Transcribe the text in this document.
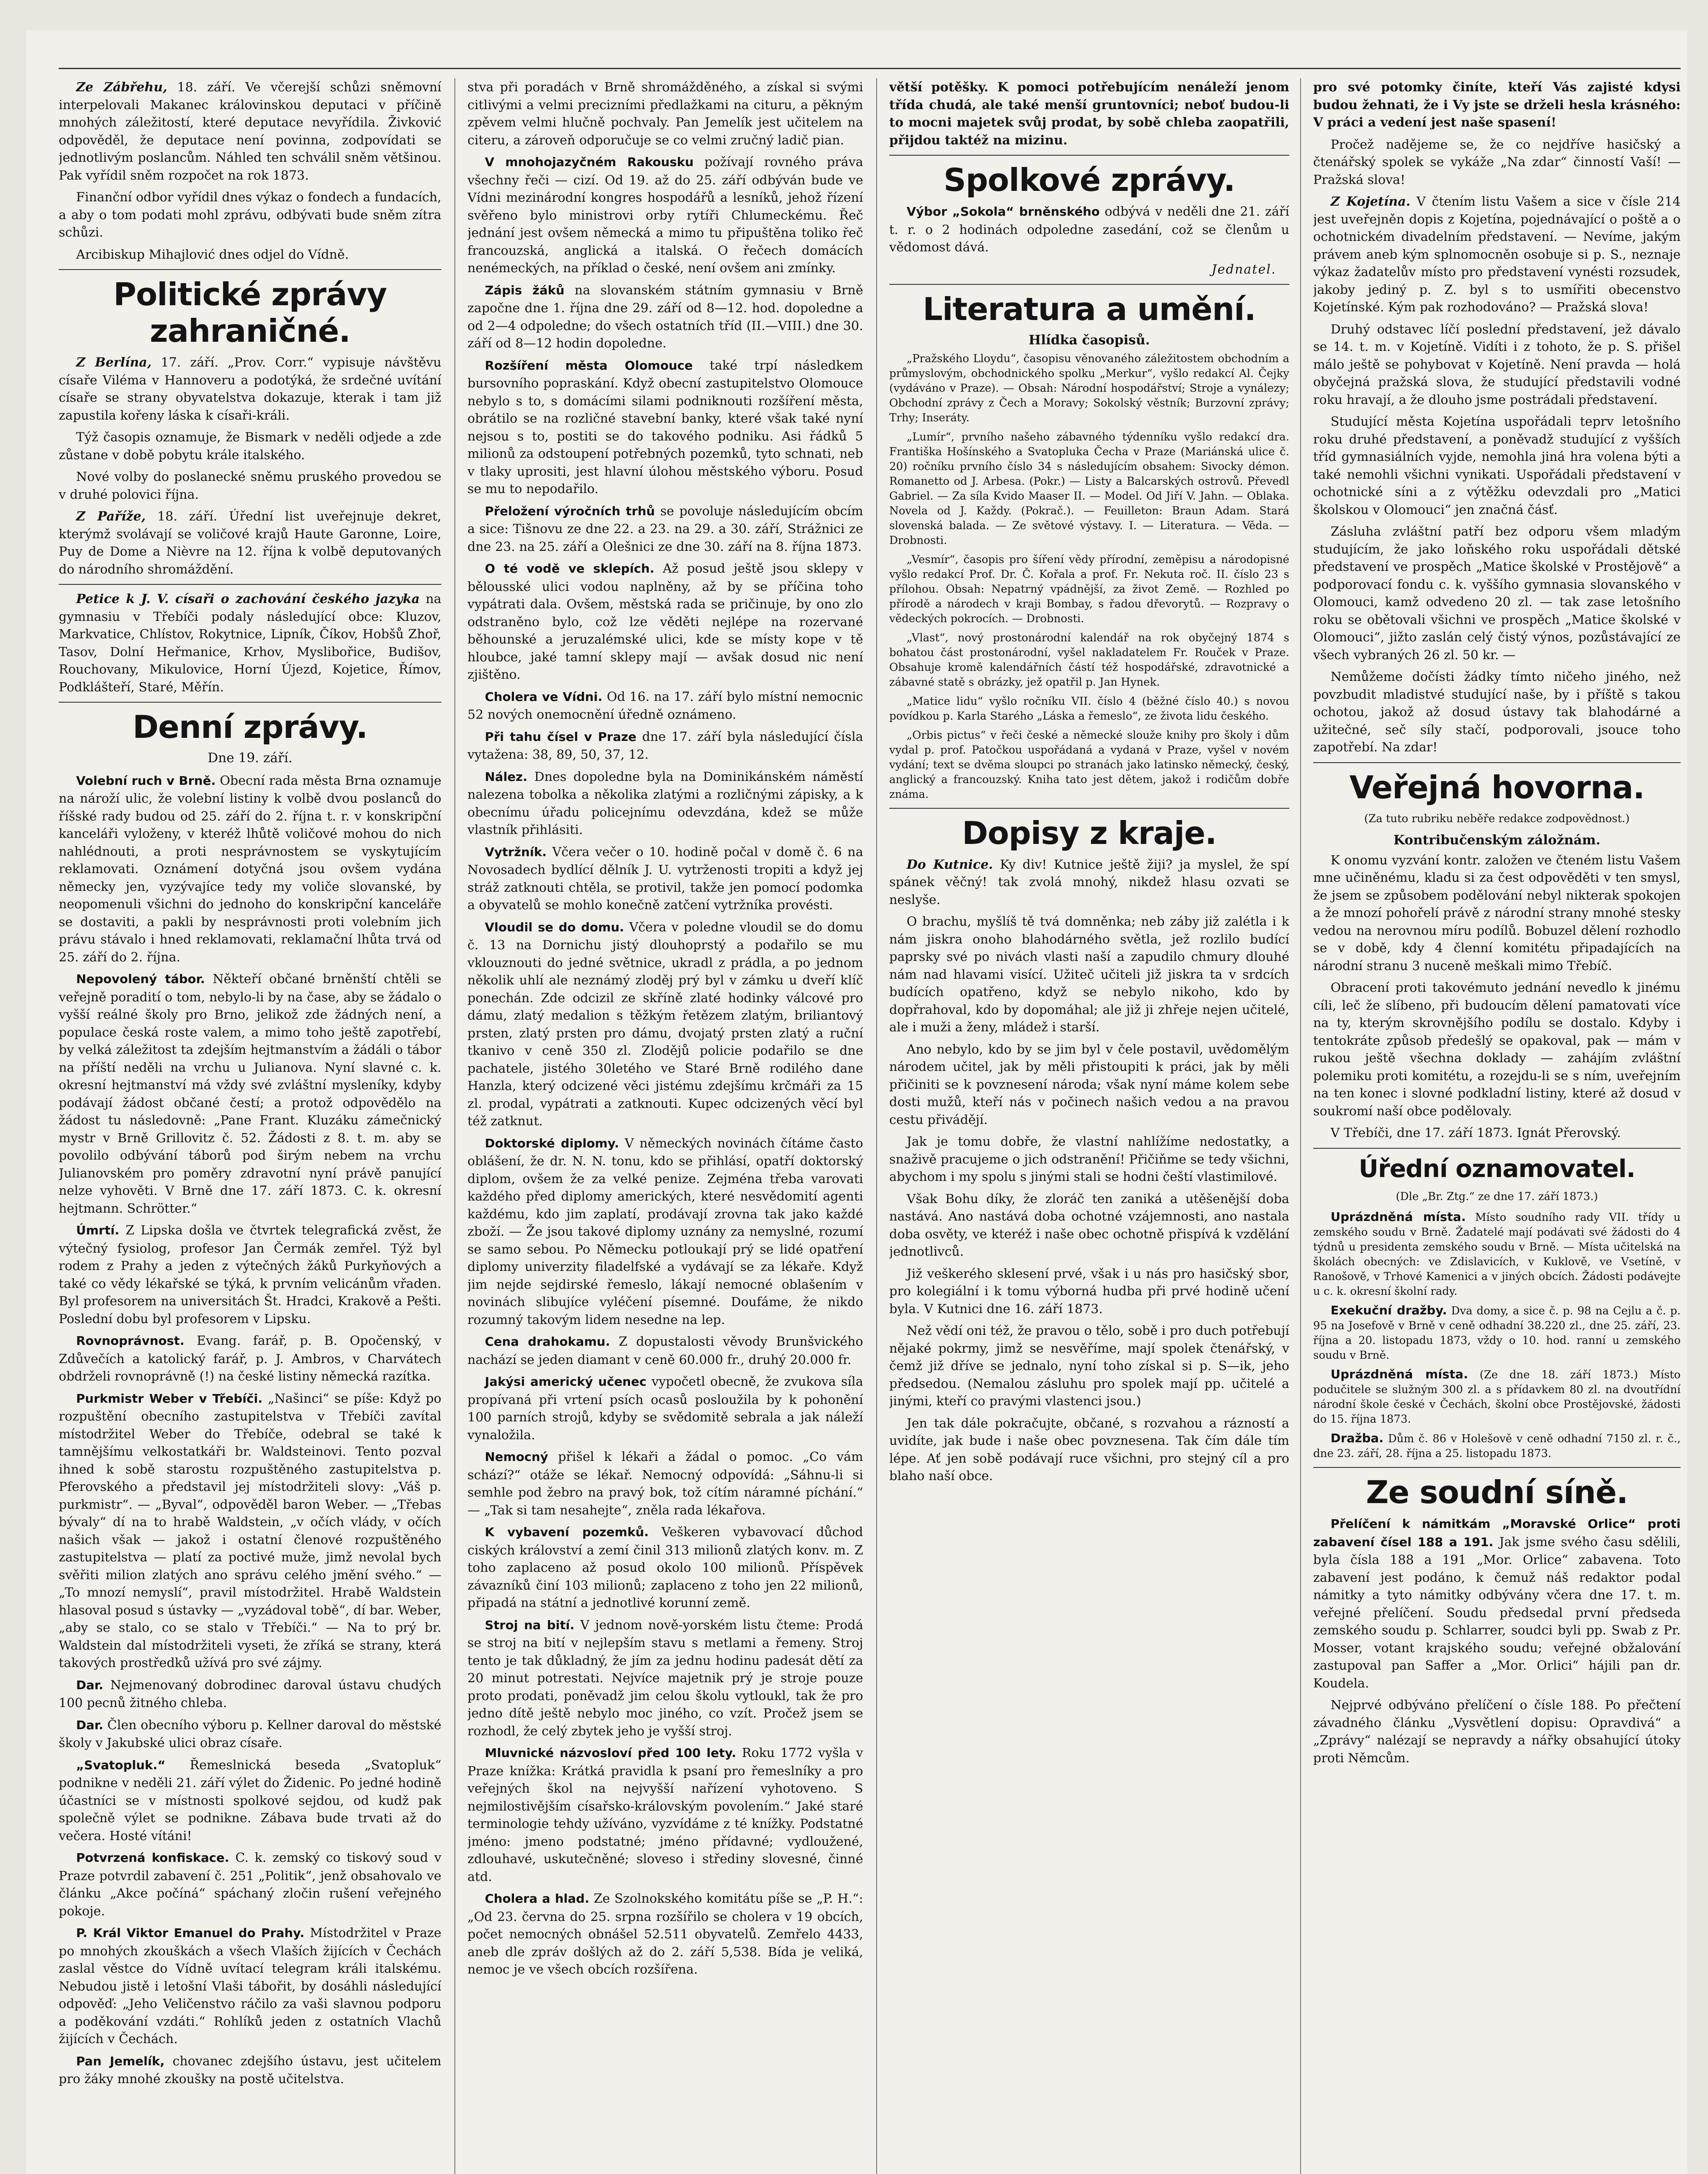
Ze Zábřehu, 18. září. Ve včerejší schůzi sněmovní interpelovali Makanec královinskou deputaci v příčině mnohých záležitostí, které deputace nevyřídila. Živković odpověděl, že deputace není povinna, zodpovídati se jednotlivým poslancům. Náhled ten schválil sněm většinou. Pak vyřídil sněm rozpočet na rok 1873.

Finanční odbor vyřídil dnes výkaz o fondech a fundacích, a aby o tom podati mohl zprávu, odbývati bude sněm zítra schůzi.

Arcibiskup Mihajlović dnes odjel do Vídně.

Politické zprávy zahraničné.

Z Berlína, 17. září. „Prov. Corr.“ vypisuje návštěvu císaře Viléma v Hannoveru a podotýká, že srdečné uvítání císaře se strany obyvatelstva dokazuje, kterak i tam již zapustila kořeny láska k císaři-králi.

Týž časopis oznamuje, že Bismark v neděli odjede a zde zůstane v době pobytu krále italského.

Nové volby do poslanecké sněmu pruského provedou se v druhé polovici října.

Z Paříže, 18. září. Úřední list uveřejnuje dekret, kterýmž svolávají se voličové krajů Haute Garonne, Loire, Puy de Dome a Nièvre na 12. října k volbě deputovaných do národního shromáždění.

Petice k J. V. císaři o zachování českého jazyka na gymnasiu v Třebíči podaly následující obce: Kluzov, Markvatice, Chlístov, Rokytnice, Lipník, Číkov, Hobšů Zhoř, Tasov, Dolní Heřmanice, Krhov, Myslibořice, Budišov, Rouchovany, Mikulovice, Horní Újezd, Kojetice, Římov, Podklášteří, Staré, Měřín.

Denní zprávy.
Dne 19. září.

Volební ruch v Brně. Obecní rada města Brna oznamuje na nároží ulic, že volební listiny k volbě dvou poslanců do říšské rady budou od 25. září do 2. října t. r. v konskripční kanceláři vyloženy, v kteréž lhůtě voličové mohou do nich nahlédnouti, a proti nesprávnostem se vyskytujícím reklamovati. Oznámení dotyčná jsou ovšem vydána německy jen, vyzývajíce tedy my voliče slovanské, by neopomenuli všichni do jednoho do konskripční kanceláře se dostaviti, a pakli by nesprávnosti proti volebním jich právu stávalo i hned reklamovati, reklamační lhůta trvá od 25. září do 2. října.

Nepovolený tábor. Někteří občané brněnští chtěli se veřejně poradití o tom, nebylo-li by na čase, aby se žádalo o vyšší reálné školy pro Brno, jelikož zde žádných není, a populace česká roste valem, a mimo toho ještě zapotřebí, by velká záležitost ta zdejším hejtmanstvím a žádáli o tábor na příští neděli na vrchu u Julianova. Nyní slavné c. k. okresní hejtmanství má vždy své zvláštní mysleníky, kdyby podávají žádost občané čestí; a protož odpovědělo na žádost tu následovně: „Pane Frant. Kluzáku zámečnický mystr v Brně Grillovitz č. 52. Žádosti z 8. t. m. aby se povolilo odbývání táborů pod širým nebem na vrchu Julianovském pro poměry zdravotní nyní právě panující nelze vyhověti. V Brně dne 17. září 1873. C. k. okresní hejtmann. Schrötter.“

Úmrtí. Z Lipska došla ve čtvrtek telegrafická zvěst, že výtečný fysiolog, profesor Jan Čermák zemřel. Týž byl rodem z Prahy a jeden z výtečných žáků Purkyňových a také co vědy lékařské se týká, k prvním velicánům vřaden. Byl profesorem na universitách Št. Hradci, Krakově a Pešti. Poslední dobu byl profesorem v Lipsku.

Rovnoprávnost. Evang. farář, p. B. Opočenský, v Zdůvečích a katolický farář, p. J. Ambros, v Charvátech obdrželi rovnoprávně (!) na české listiny německá razítka.

Purkmistr Weber v Třebíči. „Našinci“ se píše: Když po rozpuštění obecního zastupitelstva v Třebíči zavítal místodržitel Weber do Třebíče, odebral se také k tamnějšímu velkostatkáři br. Waldsteinovi. Tento pozval ihned k sobě starostu rozpuštěného zastupitelstva p. Pferovského a představil jej místodržiteli slovy: „Váš p. purkmistr“. — „Byval“, odpověděl baron Weber. — „Třebas bývaly“ dí na to hrabě Waldstein, „v očích vlády, v očích našich však — jakož i ostatní členové rozpuštěného zastupitelstva — platí za poctivé muže, jimž nevolal bych svěřiti milion zlatých ano správu celého jmění svého.“ — „To mnozí nemyslí“, pravil místodržitel. Hrabě Waldstein hlasoval posud s ústavky — „vyzádoval tobě“, dí bar. Weber, „aby se stalo, co se stalo v Třebíči.“ — Na to prý br. Waldstein dal místodržiteli vyseti, že zříká se strany, která takových prostředků užívá pro své zájmy.

Dar. Nejmenovaný dobrodinec daroval ústavu chudých 100 pecnů žitného chleba.

Dar. Člen obecního výboru p. Kellner daroval do městské školy v Jakubské ulici obraz císaře.

„Svatopluk.“ Řemeslnická beseda „Svatopluk“ podnikne v neděli 21. září výlet do Židenic. Po jedné hodině účastníci se v místnosti spolkové sejdou, od kudž pak společně výlet se podnikne. Zábava bude trvati až do večera. Hosté vítáni!

Potvrzená konfiskace. C. k. zemský co tiskový soud v Praze potvrdil zabavení č. 251 „Politik“, jenž obsahovalo ve článku „Akce počíná“ spáchaný zločin rušení veřejného pokoje.

P. Král Viktor Emanuel do Prahy. Místodržitel v Praze po mnohých zkouškách a všech Vlaších žijících v Čechách zaslal věstce do Vídně uvítací telegram králi italskému. Nebudou jistě i letošní Vlaši tábořit, by dosáhli následující odpověď: „Jeho Veličenstvo ráčilo za vaši slavnou podporu a poděkování vzdáti.“ Rohlíků jeden z ostatních Vlachů žijících v Čechách.

Pan Jemelík, chovanec zdejšího ústavu, jest učitelem pro žáky mnohé zkoušky na postě učitelstva.

stva při poradách v Brně shromážděného, a získal si svými citlivými a velmi precizními předlažkami na cituru, a pěkným zpěvem velmi hlučně pochvaly. Pan Jemelík jest učitelem na citeru, a zároveň odporučuje se co velmi zručný ladič pian.

V mnohojazyčném Rakousku požívají rovného práva všechny řeči — cizí. Od 19. až do 25. září odbýván bude ve Vídni mezinárodní kongres hospodářů a lesníků, jehož řízení svěřeno bylo ministrovi orby rytíři Chlumeckému. Řeč jednání jest ovšem německá a mimo tu připuštěna toliko řeč francouzská, anglická a italská. O řečech domácích nenémeckých, na příklad o české, není ovšem ani zmínky.

Zápis žáků na slovanském státním gymnasiu v Brně započne dne 1. října dne 29. září od 8—12. hod. dopoledne a od 2—4 odpoledne; do všech ostatních tříd (II.—VIII.) dne 30. září od 8—12 hodin dopoledne.

Rozšíření města Olomouce také trpí následkem bursovního popraskání. Když obecní zastupitelstvo Olomouce nebylo s to, s domácími silami podniknouti rozšíření města, obrátilo se na rozličné stavební banky, které však také nyní nejsou s to, postiti se do takového podniku. Asi řádků 5 milionů za odstoupení potřebných pozemků, tyto schnati, neb v tlaky uprositi, jest hlavní úlohou městského výboru. Posud se mu to nepodařilo.

Přeložení výročních trhů se povoluje následujícím obcím a sice: Tišnovu ze dne 22. a 23. na 29. a 30. září, Strážnici ze dne 23. na 25. září a Olešnici ze dne 30. září na 8. října 1873.

O té vodě ve sklepích. Až posud ještě jsou sklepy v bělousské ulici vodou naplněny, až by se příčina toho vypátrati dala. Ovšem, městská rada se pričinuje, by ono zlo odstraněno bylo, což lze věděti nejlépe na rozervané běhounské a jeruzalémské ulici, kde se místy kope v tě hloubce, jaké tamní sklepy mají — avšak dosud nic není zjištěno.

Cholera ve Vídni. Od 16. na 17. září bylo místní nemocnic 52 nových onemocnění úředně oznámeno.

Při tahu čísel v Praze dne 17. září byla následující čísla vytažena: 38, 89, 50, 37, 12.

Nález. Dnes dopoledne byla na Dominikánském náměstí nalezena tobolka a několika zlatými a rozličnými zápisky, a k obecnímu úřadu policejnímu odevzdána, kdež se může vlastník přihlásiti.

Vytržník. Včera večer o 10. hodině počal v domě č. 6 na Novosadech bydlící dělník J. U. vytrženosti tropiti a když jej stráž zatknouti chtěla, se protivil, takže jen pomocí podomka a obyvatelů se mohlo konečně zatčení vytržníka provésti.

Vloudil se do domu. Včera v poledne vloudil se do domu č. 13 na Dornichu jistý dlouhoprstý a podařilo se mu vklouznouti do jedné světnice, ukradl z prádla, a po jednom několik uhlí ale neznámý zloděj prý byl v zámku u dveří klíč ponechán. Zde odcizil ze skříně zlaté hodinky válcové pro dámu, zlatý medalion s těžkým řetězem zlatým, briliantový prsten, zlatý prsten pro dámu, dvojatý prsten zlatý a ruční tkanivo v ceně 350 zl. Zlodějů policie podařilo se dne pachatele, jistého 30letého ve Staré Brně rodilého dane Hanzla, který odcizené věci jistému zdejšímu krčmáři za 15 zl. prodal, vypátrati a zatknouti. Kupec odcizených věcí byl též zatknut.

Doktorské diplomy. V německých novinách čítáme často oblášení, že dr. N. N. tonu, kdo se přihlásí, opatří doktorský diplom, ovšem že za velké penize. Zejména třeba varovati každého před diplomy amerických, které nesvědomití agenti každému, kdo jim zaplatí, prodávají zrovna tak jako každé zboží. — Že jsou takové diplomy uznány za nemyslné, rozumí se samo sebou. Po Německu potloukají prý se lidé opatření diplomy univerzity filadelfské a vydávají se za lékaře. Když jim nejde sejdirské řemeslo, lákají nemocné oblašením v novinách slibujíce vyléčení písemné. Doufáme, že nikdo rozumný takovým lidem nesedne na lep.

Cena drahokamu. Z dopustalosti věvody Brunšvického nachází se jeden diamant v ceně 60.000 fr., druhý 20.000 fr.

Jakýsi americký učenec vypočetl obecně, že zvukova síla propívaná při vrtení psích ocasů posloužila by k pohonění 100 parních strojů, kdyby se svědomitě sebrala a jak náleží vynaložila.

Nemocný přišel k lékaři a žádal o pomoc. „Co vám schází?“ otáže se lékař. Nemocný odpovídá: „Sáhnu-li si semhle pod žebro na pravý bok, tož cítím náramné píchání.“ — „Tak si tam nesahejte“, zněla rada lékařova.

K vybavení pozemků. Veškeren vybavovací důchod ciských království a zemí činil 313 milionů zlatých konv. m. Z toho zaplaceno až posud okolo 100 milionů. Příspěvek závazníků činí 103 milionů; zaplaceno z toho jen 22 milionů, připadá na státní a jednotlivé korunní země.

Stroj na bití. V jednom nově-yorském listu čteme: Prodá se stroj na bití v nejlepším stavu s metlami a řemeny. Stroj tento je tak důkladný, že jím za jednu hodinu padesát dětí za 20 minut potrestati. Nejvíce majetnik prý je stroje pouze proto prodati, poněvadž jim celou školu vytloukl, tak že pro jedno dítě ještě nebylo moc jiného, co vzít. Pročež jsem se rozhodl, že celý zbytek jeho je vyšší stroj.

Mluvnické názvosloví před 100 lety. Roku 1772 vyšla v Praze knížka: Krátká pravidla k psaní pro řemeslníky a pro veřejných škol na nejvyšší nařízení vyhotoveno. S nejmilostivějším císařsko-královským povolením.“ Jaké staré terminologie tehdy užíváno, vyzvídáme z té knížky. Podstatné jméno: jmeno podstatné; jméno přídavné; vydloužené, zdlouhavé, uskutečněné; sloveso i střediny slovesné, činné atd.

Cholera a hlad. Ze Szolnokského komitátu píše se „P. H.“: „Od 23. června do 25. srpna rozšířilo se cholera v 19 obcích, počet nemocných obnášel 52.511 obyvatelů. Zemřelo 4433, aneb dle zpráv došlých až do 2. září 5,538. Bída je veliká, nemoc je ve všech obcích rozšířena.

větší potěšky. K pomoci potřebujícím nenáleží jenom třída chudá, ale také menší gruntovníci; neboť budou-li to mocni majetek svůj prodat, by sobě chleba zaopatřili, přijdou taktéž na mizinu.

Spolkové zprávy.

Výbor „Sokola“ brněnského odbývá v neděli dne 21. září t. r. o 2 hodinách odpoledne zasedání, což se členům u vědomost dává.

Jednatel.
Literatura a umění.
Hlídka časopisů.

„Pražského Lloydu“, časopisu věnovaného záležitostem obchodním a průmyslovým, obchodnického spolku „Merkur“, vyšlo redakcí Al. Čejky (vydáváno v Praze). — Obsah: Národní hospodářství; Stroje a vynálezy; Obchodní zprávy z Čech a Moravy; Sokolský věstník; Burzovní zprávy; Trhy; Inseráty.

„Lumír“, prvního našeho zábavného týdenníku vyšlo redakcí dra. Františka Hošínského a Svatopluka Čecha v Praze (Mariánská ulice č. 20) ročníku prvního číslo 34 s následujícím obsahem: Sivocky démon. Romanetto od J. Arbesa. (Pokr.) — Listy a Balcarských ostrovů. Převedl Gabriel. — Za síla Kvido Maaser II. — Model. Od Jiří V. Jahn. — Oblaka. Novela od J. Každy. (Pokrač.). — Feuilleton: Braun Adam. Stará slovenská balada. — Ze světové výstavy. I. — Literatura. — Věda. — Drobnosti.

„Vesmír“, časopis pro šíření vědy přírodní, zeměpisu a národopisné vyšlo redakcí Prof. Dr. Č. Kořala a prof. Fr. Nekuta roč. II. číslo 23 s přílohou. Obsah: Nepatrný vpádnější, za život Země. — Rozhled po přírodě a národech v kraji Bombay, s řadou dřevorytů. — Rozpravy o vědeckých pokrocích. — Drobnosti.

„Vlast“, nový prostonárodní kalendář na rok obyčejný 1874 s bohatou část prostonárodní, vyšel nakladatelem Fr. Rouček v Praze. Obsahuje kromě kalendářních částí též hospodářské, zdravotnické a zábavné statě s obrázky, jež opatřil p. Jan Hynek.

„Matice lidu“ vyšlo ročníku VII. číslo 4 (běžné číslo 40.) s novou povídkou p. Karla Starého „Láska a řemeslo“, ze života lidu českého.

„Orbis pictus“ v řeči české a německé slouže knihy pro školy i dům vydal p. prof. Patočkou uspořádaná a vydaná v Praze, vyšel v novém vydání; text se dvěma sloupci po stranách jako latinsko německý, český, anglický a francouzský. Kniha tato jest dětem, jakož i rodičům dobře známa.

Dopisy z kraje.

Do Kutnice. Ky div! Kutnice ještě žiji? ja myslel, že spí spánek věčný! tak zvolá mnohý, nikdež hlasu ozvati se neslyše.

O brachu, myšlíš tě tvá domněnka; neb záby již zalétla i k nám jiskra onoho blahodárného světla, jež rozlilo budící paprsky své po nivách vlasti naší a zapudilo chmury dlouhé nám nad hlavami visící. Užiteč učiteli již jiskra ta v srdcích budících opatřeno, když se nebylo nikoho, kdo by dopřrahoval, kdo by dopomáhal; ale již ji zhřeje nejen učitelé, ale i muži a ženy, mládež i starší.

Ano nebylo, kdo by se jim byl v čele postavil, uvědomělým národem učitel, jak by měli přistoupiti k práci, jak by měli přičiniti se k povznesení národa; však nyní máme kolem sebe dosti mužů, kteří nás v počinech našich vedou a na pravou cestu přivádějí.

Jak je tomu dobře, že vlastní nahlížíme nedostatky, a snaživě pracujeme o jich odstranění! Přičiňme se tedy všichni, abychom i my spolu s jinými stali se hodni čeští vlastimilové.

Však Bohu díky, že zloráč ten zaniká a utěšenější doba nastává. Ano nastává doba ochotné vzájemnosti, ano nastala doba osvěty, ve kteréž i naše obec ochotně přispívá k vzdělání jednotlivců.

Již veškerého sklesení prvé, však i u nás pro hasičský sbor, pro kolegiální i k tomu výborná hudba při prvé hodině učení byla. V Kutnici dne 16. září 1873.

Než vědí oni též, že pravou o tělo, sobě i pro duch potřebují nějaké pokrmy, jimž se nesvěříme, mají spolek čtenářský, v čemž již dříve se jednalo, nyní toho získal si p. S—ik, jeho předsedou. (Nemalou zásluhu pro spolek mají pp. učitelé a jinými, kteří co pravými vlastenci jsou.)

Jen tak dále pokračujte, občané, s rozvahou a rázností a uvidíte, jak bude i naše obec povznesena. Tak čím dále tím lépe. Ať jen sobě podávají ruce všichni, pro stejný cíl a pro blaho naší obce.

pro své potomky činíte, kteří Vás zajisté kdysi budou žehnati, že i Vy jste se drželi hesla krásného: V práci a vedení jest naše spasení!

Pročež nadějeme se, že co nejdříve hasičský a čtenářský spolek se vykáže „Na zdar“ činností Vaší! — Pražská slova!

Z Kojetína. V čtením listu Vašem a sice v čísle 214 jest uveřejněn dopis z Kojetína, pojednávající o poště a o ochotnickém divadelním představení. — Nevíme, jakým právem aneb kým splnomocněn osobuje si p. S., neznaje výkaz žadatelův místo pro představení vynésti rozsudek, jakoby jediný p. Z. byl s to usmířiti obecenstvo Kojetínské. Kým pak rozhodováno? — Pražská slova!

Druhý odstavec líčí poslední představení, jež dávalo se 14. t. m. v Kojetíně. Vidíti i z tohoto, že p. S. přišel málo ještě se pohybovat v Kojetíně. Není pravda — holá obyčejná pražská slova, že studující představili vodné roku hravají, a že dlouho jsme postrádali představení.

Studující města Kojetína uspořádali teprv letošního roku druhé představení, a poněvadž studující z vyšších tříd gymnasiálních vyjde, nemohla jiná hra volena býti a také nemohli všichni vynikati. Uspořádali představení v ochotnické síni a z výtěžku odevzdali pro „Matici školskou v Olomouci“ jen značná čásť.

Zásluha zvláštní patří bez odporu všem mladým studujícím, že jako loňského roku uspořádali dětské představení ve prospěch „Matice školské v Prostějově“ a podporovací fondu c. k. vyššího gymnasia slovanského v Olomouci, kamž odvedeno 20 zl. — tak zase letošního roku se obětovali všichni ve prospěch „Matice školské v Olomouci“, jižto zaslán celý čistý výnos, pozůstávající ze všech vybraných 26 zl. 50 kr. —

Nemůžeme dočísti žádky tímto ničeho jiného, než povzbudit mladistvé studující naše, by i příště s takou ochotou, jakož až dosud ústavy tak blahodárné a užitečné, seč síly stačí, podporovali, jsouce toho zapotřebí. Na zdar!

Veřejná hovorna.
(Za tuto rubriku neběře redakce zodpovědnost.)
Kontribučenským záložnám.

K onomu vyzvání kontr. založen ve čteném listu Vašem mne učiněnému, kladu si za čest odpověděti v ten smysl, že jsem se způsobem podělování nebyl nikterak spokojen a že mnozí pohořelí právě z národní strany mnohé stesky vedou na nerovnou míru podílů. Bobuzel dělení rozhodlo se v době, kdy 4 členní komitétu připadajících na národní stranu 3 nuceně meškali mimo Třebíč.

Obracení proti takovémuto jednání nevedlo k jinému cíli, leč že slíbeno, při budoucím dělení pamatovati více na ty, kterým skrovnějšího podílu se dostalo. Kdyby i tentokráte způsob předešlý se opakoval, pak — mám v rukou ještě všechna doklady — zahájím zvláštní polemiku proti komitétu, a rozejdu-li se s ním, uveřejním na ten konec i slovné podkladní listiny, které až dosud v soukromí naší obce podělovaly.

V Třebíči, dne 17. září 1873. Ignát Přerovský.

Úřední oznamovatel.
(Dle „Br. Ztg.“ ze dne 17. září 1873.)

Uprázdněná místa. Místo soudního rady VII. třídy u zemského soudu v Brně. Žadatelé mají podávati své žádosti do 4 týdnů u presidenta zemského soudu v Brně. — Místa učitelská na školách obecných: ve Zdislavicích, v Kuklově, ve Vsetíně, v Ranošově, v Trhové Kamenici a v jiných obcích. Žádosti podávejte u c. k. okresní školní rady.

Exekuční dražby. Dva domy, a sice č. p. 98 na Cejlu a č. p. 95 na Josefově v Brně v ceně odhadní 38.220 zl., dne 25. září, 23. října a 20. listopadu 1873, vždy o 10. hod. ranní u zemského soudu v Brně.

Uprázdněná místa. (Ze dne 18. září 1873.) Místo podučitele se služným 300 zl. a s přídavkem 80 zl. na dvoutřídní národní škole české v Čechách, školní obce Prostějovské, žádosti do 15. října 1873.

Dražba. Dům č. 86 v Holešově v ceně odhadní 7150 zl. r. č., dne 23. září, 28. října a 25. listopadu 1873.

Ze soudní síně.

Přelíčení k námitkám „Moravské Orlice“ proti zabavení čísel 188 a 191. Jak jsme svého času sdělili, byla čísla 188 a 191 „Mor. Orlice“ zabavena. Toto zabavení jest podáno, k čemuž náš redaktor podal námitky a tyto námitky odbývány včera dne 17. t. m. veřejné přelíčení. Soudu předsedal první předseda zemského soudu p. Schlarrer, soudci byli pp. Swab z Pr. Mosser, votant krajského soudu; veřejné obžalování zastupoval pan Saffer a „Mor. Orlici“ hájili pan dr. Koudela.

Nejprvé odbýváno přelíčení o čísle 188. Po přečtení závadného článku „Vysvětlení dopisu: Opravdivá“ a „Zprávy“ nalézají se nepravdy a nářky obsahující útoky proti Němcům.
